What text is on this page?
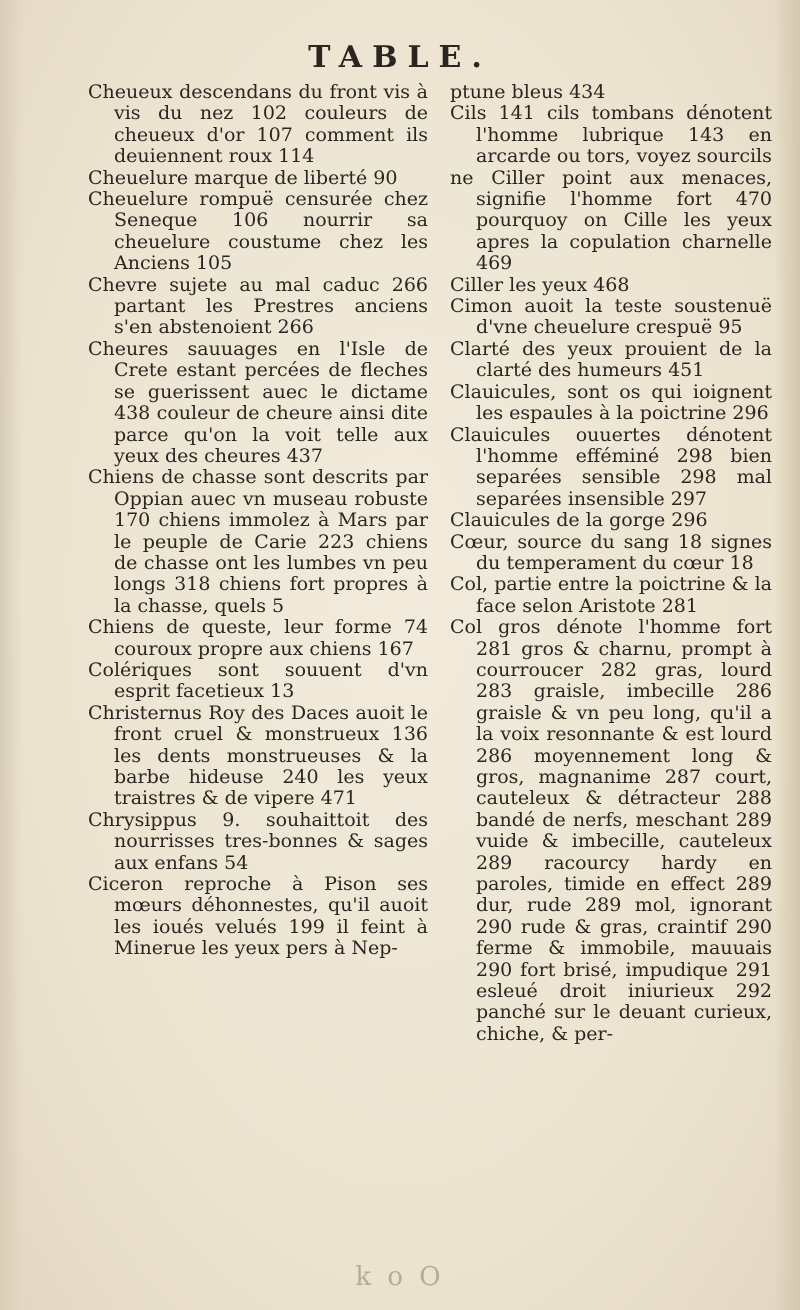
TABLE.

Cheueux descendans du front vis à vis du nez 102 couleurs de cheueux d'or 107 comment ils deuiennent roux 114

Cheuelure marque de liberté 90

Cheuelure rompuë censurée chez Seneque 106 nourrir sa cheuelure coustume chez les Anciens 105

Chevre sujete au mal caduc 266 partant les Prestres anciens s'en abstenoient 266

Cheures sauuages en l'Isle de Crete estant percées de fleches se guerissent auec le dictame 438 couleur de cheure ainsi dite parce qu'on la voit telle aux yeux des cheures 437

Chiens de chasse sont descrits par Oppian auec vn museau robuste 170 chiens immolez à Mars par le peuple de Carie 223 chiens de chasse ont les lumbes vn peu longs 318 chiens fort propres à la chasse, quels 5

Chiens de queste, leur forme 74 couroux propre aux chiens 167

Colériques sont souuent d'vn esprit facetieux 13

Christernus Roy des Daces auoit le front cruel & monstrueux 136 les dents monstrueuses & la barbe hideuse 240 les yeux traistres & de vipere 471

Chrysippus 9. souhaittoit des nourrisses tres-bonnes & sages aux enfans 54

Ciceron reproche à Pison ses mœurs déhonnestes, qu'il auoit les ioués velués 199 il feint à Minerue les yeux pers à Nep-

ptune bleus 434

Cils 141 cils tombans dénotent l'homme lubrique 143 en arcarde ou tors, voyez sourcils

ne Ciller point aux menaces, signifie l'homme fort 470 pourquoy on Cille les yeux apres la copulation charnelle 469

Ciller les yeux 468

Cimon auoit la teste soustenuë d'vne cheuelure crespuë 95

Clarté des yeux prouient de la clarté des humeurs 451

Clauicules, sont os qui ioignent les espaules à la poictrine 296

Clauicules ouuertes dénotent l'homme efféminé 298 bien separées sensible 298 mal separées insensible 297

Clauicules de la gorge 296

Cœur, source du sang 18 signes du temperament du cœur 18

Col, partie entre la poictrine & la face selon Aristote 281

Col gros dénote l'homme fort 281 gros & charnu, prompt à courroucer 282 gras, lourd 283 graisle, imbecille 286 graisle & vn peu long, qu'il a la voix resonnante & est lourd 286 moyennement long & gros, magnanime 287 court, cauteleux & détracteur 288 bandé de nerfs, meschant 289 vuide & imbecille, cauteleux 289 racourcy hardy en paroles, timide en effect 289 dur, rude 289 mol, ignorant 290 rude & gras, craintif 290 ferme & immobile, mauuais 290 fort brisé, impudique 291 esleué droit iniurieux 292 panché sur le deuant curieux, chiche, & per-

k o O
